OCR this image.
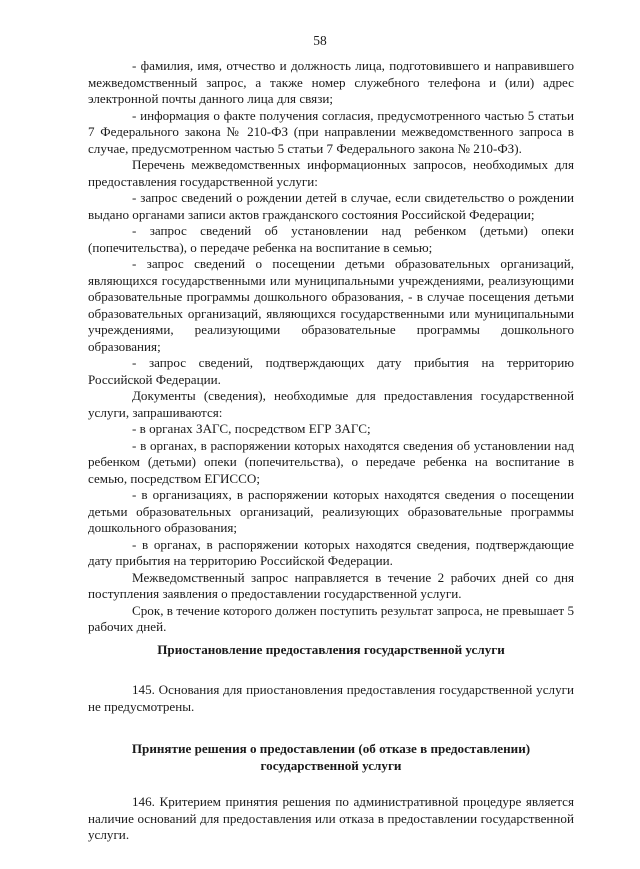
58

- фамилия, имя, отчество и должность лица, подготовившего и направившего межведомственный запрос, а также номер служебного телефона и (или) адрес электронной почты данного лица для связи;

- информация о факте получения согласия, предусмотренного частью 5 статьи 7 Федерального закона № 210-ФЗ (при направлении межведомственного запроса в случае, предусмотренном частью 5 статьи 7 Федерального закона № 210-ФЗ).

Перечень межведомственных информационных запросов, необходимых для предоставления государственной услуги:

- запрос сведений о рождении детей в случае, если свидетельство о рождении выдано органами записи актов гражданского состояния Российской Федерации;

- запрос сведений об установлении над ребенком (детьми) опеки (попечительства), о передаче ребенка на воспитание в семью;

- запрос сведений о посещении детьми образовательных организаций, являющихся государственными или муниципальными учреждениями, реализующими образовательные программы дошкольного образования, - в случае посещения детьми образовательных организаций, являющихся государственными или муниципальными учреждениями, реализующими образовательные программы дошкольного образования;

- запрос сведений, подтверждающих дату прибытия на территорию Российской Федерации.

Документы (сведения), необходимые для предоставления государственной услуги, запрашиваются:

- в органах ЗАГС, посредством ЕГР ЗАГС;

- в органах, в распоряжении которых находятся сведения об установлении над ребенком (детьми) опеки (попечительства), о передаче ребенка на воспитание в семью, посредством ЕГИССО;

- в организациях, в распоряжении которых находятся сведения о посещении детьми образовательных организаций, реализующих образовательные программы дошкольного образования;

- в органах, в распоряжении которых находятся сведения, подтверждающие дату прибытия на территорию Российской Федерации.

Межведомственный запрос направляется в течение 2 рабочих дней со дня поступления заявления о предоставлении государственной услуги.

Срок, в течение которого должен поступить результат запроса, не превышает 5 рабочих дней.

Приостановление предоставления государственной услуги

145. Основания для приостановления предоставления государственной услуги не предусмотрены.

Принятие решения о предоставлении (об отказе в предоставлении) государственной услуги

146. Критерием принятия решения по административной процедуре является наличие оснований для предоставления или отказа в предоставлении государственной услуги.
